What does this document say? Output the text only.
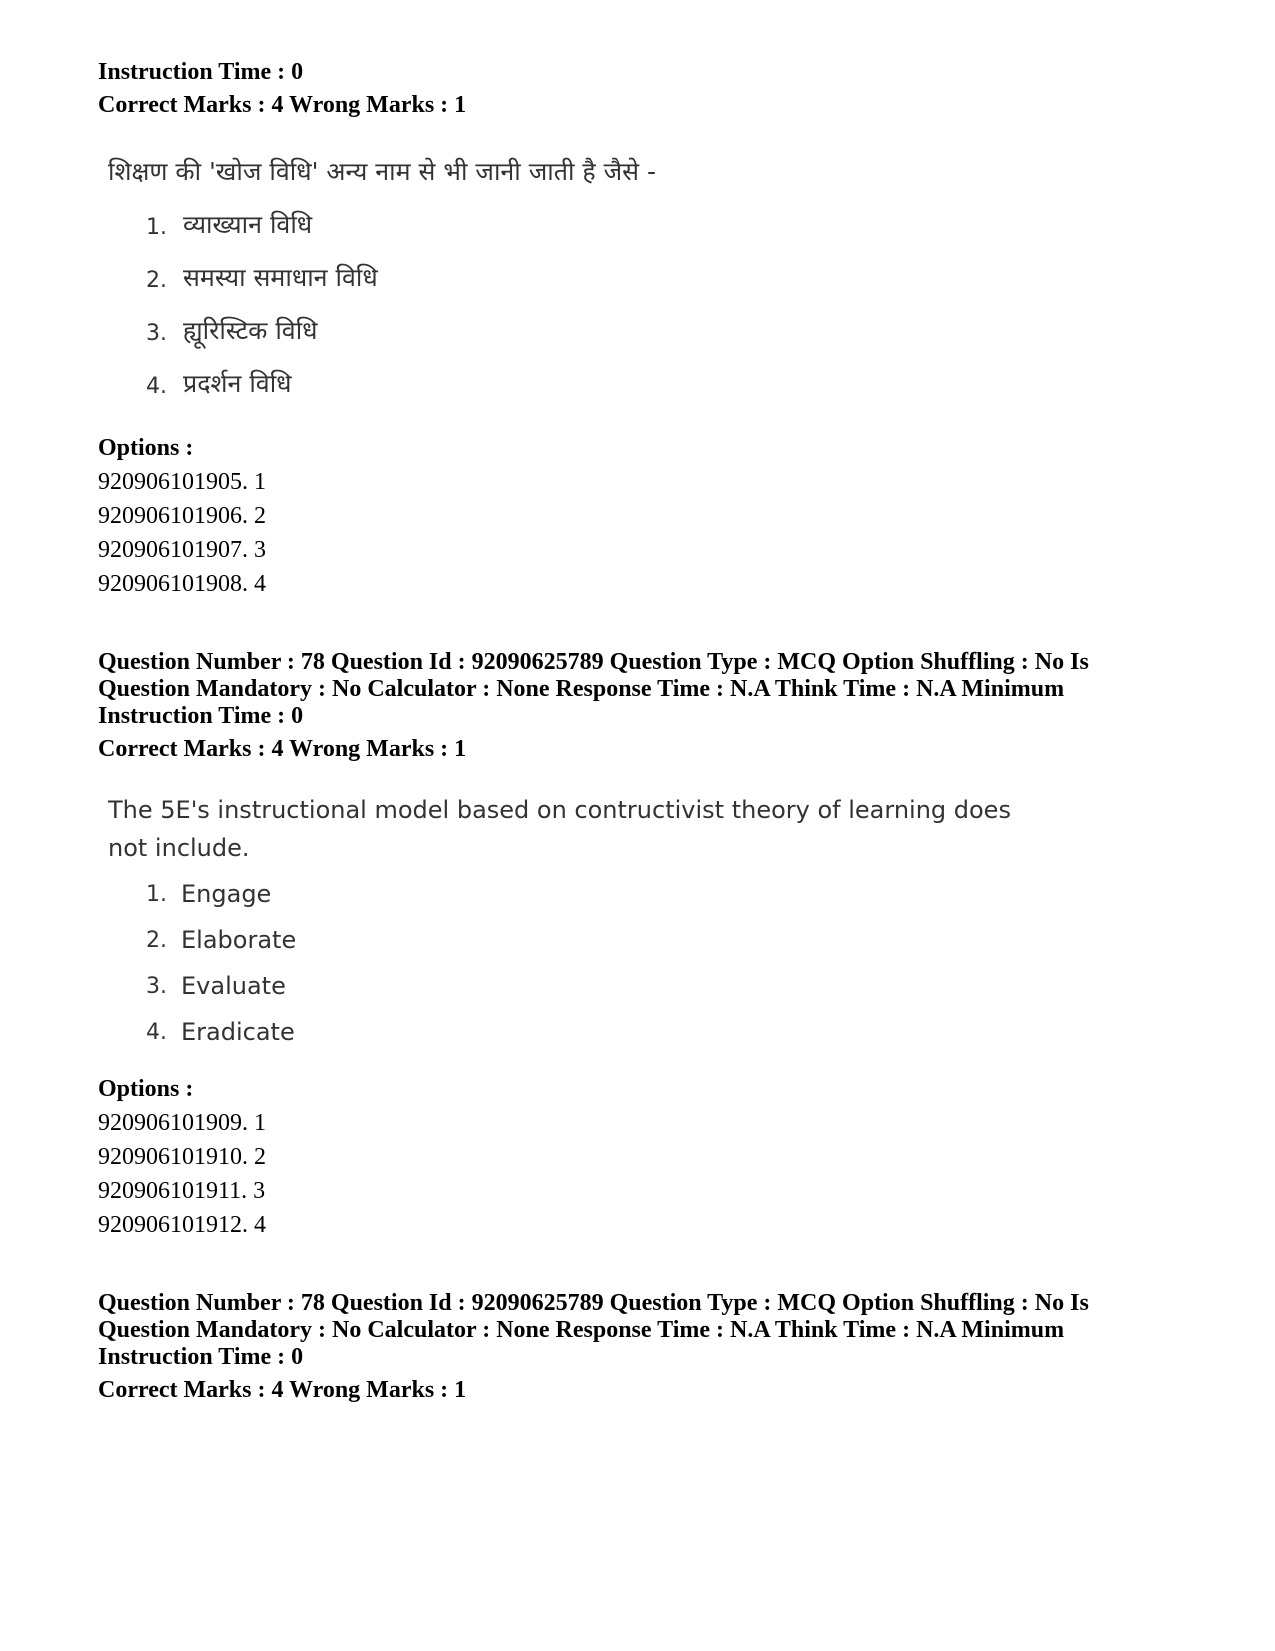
Instruction Time : 0
Correct Marks : 4 Wrong Marks : 1
शिक्षण की 'खोज विधि' अन्य नाम से भी जानी जाती है जैसे -
1. व्याख्यान विधि
2. समस्या समाधान विधि
3. ह्यूरिस्टिक विधि
4. प्रदर्शन विधि
Options :
920906101905. 1
920906101906. 2
920906101907. 3
920906101908. 4
Question Number : 78 Question Id : 92090625789 Question Type : MCQ Option Shuffling : No Is
Question Mandatory : No Calculator : None Response Time : N.A Think Time : N.A Minimum
Instruction Time : 0
Correct Marks : 4 Wrong Marks : 1
The 5E's instructional model based on contructivist theory of learning does
not include.
1. Engage
2. Elaborate
3. Evaluate
4. Eradicate
Options :
920906101909. 1
920906101910. 2
920906101911. 3
920906101912. 4
Question Number : 78 Question Id : 92090625789 Question Type : MCQ Option Shuffling : No Is
Question Mandatory : No Calculator : None Response Time : N.A Think Time : N.A Minimum
Instruction Time : 0
Correct Marks : 4 Wrong Marks : 1
